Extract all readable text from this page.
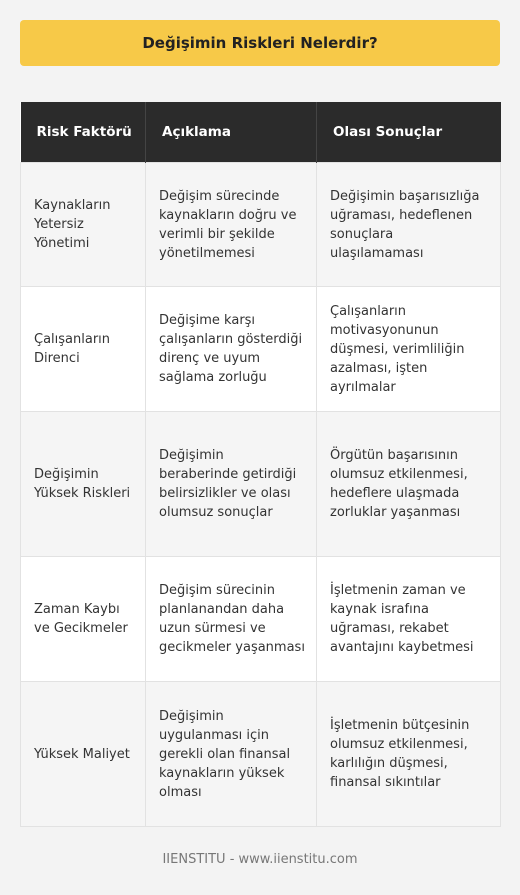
Değişimin Riskleri Nelerdir?
Risk Faktörü	Açıklama	Olası Sonuçlar
Kaynakların Yetersiz Yönetimi	Değişim sürecinde kaynakların doğru ve verimli bir şekilde yönetilmemesi	Değişimin başarısızlığa uğraması, hedeflenen sonuçlara ulaşılamaması
Çalışanların Direnci	Değişime karşı çalışanların gösterdiği direnç ve uyum sağlama zorluğu	Çalışanların motivasyonunun düşmesi, verimliliğin azalması, işten ayrılmalar
Değişimin Yüksek Riskleri	Değişimin beraberinde getirdiği belirsizlikler ve olası olumsuz sonuçlar	Örgütün başarısının olumsuz etkilenmesi, hedeflere ulaşmada zorluklar yaşanması
Zaman Kaybı ve Gecikmeler	Değişim sürecinin planlanandan daha uzun sürmesi ve gecikmeler yaşanması	İşletmenin zaman ve kaynak israfına uğraması, rekabet avantajını kaybetmesi
Yüksek Maliyet	Değişimin uygulanması için gerekli olan finansal kaynakların yüksek olması	İşletmenin bütçesinin olumsuz etkilenmesi, karlılığın düşmesi, finansal sıkıntılar
IIENSTITU - www.iienstitu.com
